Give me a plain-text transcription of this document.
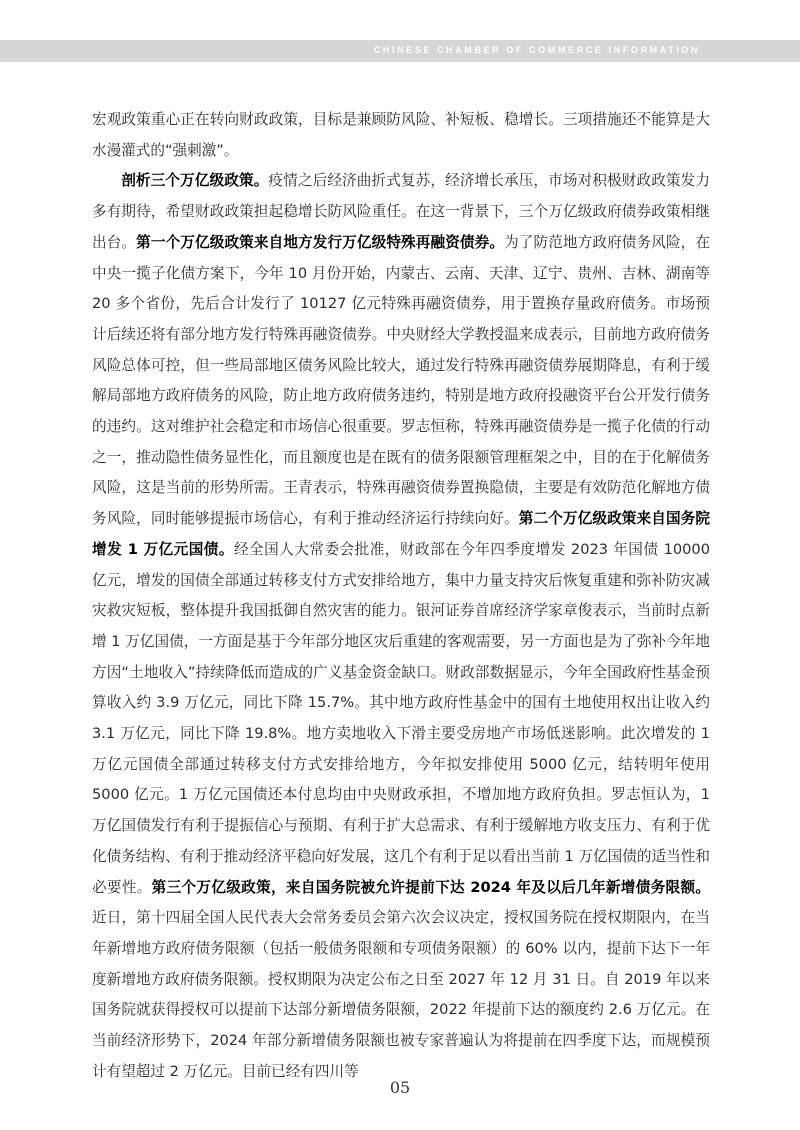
CHINESE CHAMBER OF COMMERCE INFORMATION

宏观政策重心正在转向财政政策，目标是兼顾防风险、补短板、稳增长。三项措施还不能算是大水漫灌式的“强刺激”。

剖析三个万亿级政策。疫情之后经济曲折式复苏，经济增长承压，市场对积极财政政策发力多有期待，希望财政政策担起稳增长防风险重任。在这一背景下，三个万亿级政府债券政策相继出台。第一个万亿级政策来自地方发行万亿级特殊再融资债券。为了防范地方政府债务风险，在中央一揽子化债方案下，今年 10 月份开始，内蒙古、云南、天津、辽宁、贵州、吉林、湖南等 20 多个省份，先后合计发行了 10127 亿元特殊再融资债券，用于置换存量政府债务。市场预计后续还将有部分地方发行特殊再融资债券。中央财经大学教授温来成表示，目前地方政府债务风险总体可控，但一些局部地区债务风险比较大，通过发行特殊再融资债券展期降息，有利于缓解局部地方政府债务的风险，防止地方政府债务违约，特别是地方政府投融资平台公开发行债务的违约。这对维护社会稳定和市场信心很重要。罗志恒称，特殊再融资债券是一揽子化债的行动之一，推动隐性债务显性化，而且额度也是在既有的债务限额管理框架之中，目的在于化解债务风险，这是当前的形势所需。王青表示，特殊再融资债券置换隐债，主要是有效防范化解地方债务风险，同时能够提振市场信心，有利于推动经济运行持续向好。第二个万亿级政策来自国务院增发 1 万亿元国债。经全国人大常委会批准，财政部在今年四季度增发 2023 年国债 10000 亿元，增发的国债全部通过转移支付方式安排给地方，集中力量支持灾后恢复重建和弥补防灾减灾救灾短板，整体提升我国抵御自然灾害的能力。银河证券首席经济学家章俊表示，当前时点新增 1 万亿国债，一方面是基于今年部分地区灾后重建的客观需要，另一方面也是为了弥补今年地方因“土地收入”持续降低而造成的广义基金资金缺口。财政部数据显示，今年全国政府性基金预算收入约 3.9 万亿元，同比下降 15.7%。其中地方政府性基金中的国有土地使用权出让收入约 3.1 万亿元，同比下降 19.8%。地方卖地收入下滑主要受房地产市场低迷影响。此次增发的 1 万亿元国债全部通过转移支付方式安排给地方，今年拟安排使用 5000 亿元，结转明年使用 5000 亿元。1 万亿元国债还本付息均由中央财政承担，不增加地方政府负担。罗志恒认为，1 万亿国债发行有利于提振信心与预期、有利于扩大总需求、有利于缓解地方收支压力、有利于优化债务结构、有利于推动经济平稳向好发展，这几个有利于足以看出当前 1 万亿国债的适当性和必要性。第三个万亿级政策，来自国务院被允许提前下达 2024 年及以后几年新增债务限额。近日，第十四届全国人民代表大会常务委员会第六次会议决定，授权国务院在授权期限内，在当年新增地方政府债务限额（包括一般债务限额和专项债务限额）的 60% 以内，提前下达下一年度新增地方政府债务限额。授权期限为决定公布之日至 2027 年 12 月 31 日。自 2019 年以来国务院就获得授权可以提前下达部分新增债务限额，2022 年提前下达的额度约 2.6 万亿元。在当前经济形势下，2024 年部分新增债务限额也被专家普遍认为将提前在四季度下达，而规模预计有望超过 2 万亿元。目前已经有四川等

05
